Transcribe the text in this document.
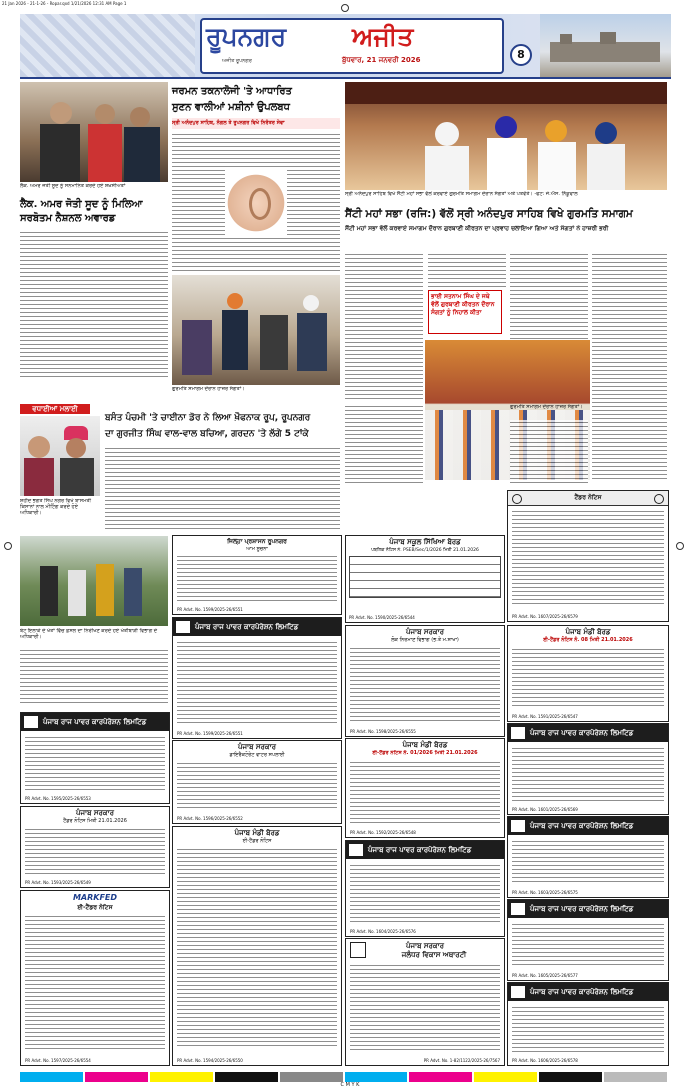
21 Jan 2026 - 21-1-26 - Ropar.qxd 1/21/2026 12:31 AM Page 1
ਰੂਪਨਗਰ	ਅਜੀਤ
ਅਜੀਤ ਰੂਪਨਗਰ	ਬੁੱਧਵਾਰ, 21 ਜਨਵਰੀ 2026	8
ਲੈਕ. ਅਮਰ ਜੋਤੀ ਸੂਦ ਨੂੰ ਸਨਮਾਨਿਤ ਕਰਦੇ ਹੋਏ ਸ਼ਖ਼ਸੀਅਤਾਂ
ਲੈਕ. ਅਮਰ ਜੋਤੀ ਸੂਦ ਨੂੰ ਮਿਲਿਆ
ਸਰਬੋਤਮ ਨੈਸ਼ਨਲ ਅਵਾਰਡ
ਜਰਮਨ ਤਕਨਾਲੋਜੀ 'ਤੇ ਆਧਾਰਿਤ
ਸੁਣਨ ਵਾਲੀਆਂ ਮਸ਼ੀਨਾਂ ਉਪਲਬਧ
ਸ੍ਰੀ ਅਨੰਦਪੁਰ ਸਾਹਿਬ, ਨੰਗਲ ਤੇ ਰੂਪਨਗਰ ਵਿਖੇ ਨਿਰੰਤਰ ਸੇਵਾ
ਗੁਰਮਤਿ ਸਮਾਗਮ ਦੌਰਾਨ ਹਾਜ਼ਰ ਸੰਗਤਾਂ।
ਸ੍ਰੀ ਅਨੰਦਪੁਰ ਸਾਹਿਬ ਵਿਖੇ ਸੈਂਟੀ ਮਹਾਂ ਸਭਾ ਵੱਲੋਂ ਕਰਵਾਏ ਗੁਰਮਤਿ ਸਮਾਗਮ ਦੌਰਾਨ ਸੰਗਤਾਂ ਅਤੇ ਪਤਵੰਤੇ। -ਫੋਟੋ: ਜੇ.ਐਸ. ਨਿੱਕੂਵਾਲ
ਸੈਂਟੀ ਮਹਾਂ ਸਭਾ (ਰਜਿ:) ਵੱਲੋਂ ਸ੍ਰੀ ਅਨੰਦਪੁਰ ਸਾਹਿਬ ਵਿਖੇ ਗੁਰਮਤਿ ਸਮਾਗਮ
ਸੈਂਟੀ ਮਹਾਂ ਸਭਾ ਵੱਲੋਂ ਕਰਵਾਏ ਸਮਾਗਮ ਦੌਰਾਨ ਗੁਰਬਾਣੀ ਕੀਰਤਨ ਦਾ ਪ੍ਰਵਾਹ ਚਲਾਇਆ ਗਿਆ ਅਤੇ ਸੰਗਤਾਂ ਨੇ ਹਾਜ਼ਰੀ ਭਰੀ
ਭਾਈ ਸਤਨਾਮ ਸਿੰਘ ਦੇ ਜਥੇ ਵੱਲੋਂ ਗੁਰਬਾਣੀ ਕੀਰਤਨ ਦੌਰਾਨ ਸੰਗਤਾਂ ਨੂੰ ਨਿਹਾਲ ਕੀਤਾ
ਗੁਰਮਤਿ ਸਮਾਗਮ ਦੌਰਾਨ ਹਾਜ਼ਰ ਸੰਗਤਾਂ।
ਵਧਾਈਆਂ ਮਲਾਈ
ਬਸੰਤ ਪੰਚਮੀ 'ਤੇ ਚਾਈਨਾ ਡੋਰ ਨੇ ਲਿਆ ਖ਼ੌਫਨਾਕ ਰੂਪ, ਰੂਪਨਗਰ
ਦਾ ਗੁਰਜੀਤ ਸਿੰਘ ਵਾਲ-ਵਾਲ ਬਚਿਆ, ਗਰਦਨ 'ਤੇ ਲੱਗੇ 5 ਟਾਂਕੇ
ਸ਼ਹੀਦ ਭਗਤ ਸਿੰਘ ਨਗਰ ਵਿਖੇ ਬਾਸਮਤੀ ਕਿਸਾਨਾਂ ਨਾਲ ਮੀਟਿੰਗ ਕਰਦੇ ਹੋਏ ਅਧਿਕਾਰੀ।
ਬੇਟ ਇਲਾਕੇ ਦੇ ਖੇਤਾਂ ਵਿੱਚ ਫ਼ਸਲ ਦਾ ਨਿਰੀਖਣ ਕਰਦੇ ਹੋਏ ਖੇਤੀਬਾੜੀ ਵਿਭਾਗ ਦੇ ਅਧਿਕਾਰੀ।
ਜਿਲ੍ਹਾ ਪ੍ਰਸ਼ਾਸਨ ਰੂਪਨਗਰ
ਆਮ ਸੂਚਨਾ
PR Advt. No. 1599/2025-26/6551
ਪੰਜਾਬ ਸਕੂਲ ਸਿੱਖਿਆ ਬੋਰਡ
ਪਬਲਿਕ ਨੋਟਿਸ ਨੰ. PSEB/Sec/1/2026 ਮਿਤੀ 21.01.2026
PR Advt. No. 1590/2025-26/6544
ਟੈਂਡਰ ਨੋਟਿਸ
PR Advt. No. 1607/2025-26/6579
ਪੰਜਾਬ ਰਾਜ ਪਾਵਰ ਕਾਰਪੋਰੇਸ਼ਨ ਲਿਮਟਿਡ
PR Advt. No. 1595/2025-26/6553
ਪੰਜਾਬ ਰਾਜ ਪਾਵਰ ਕਾਰਪੋਰੇਸ਼ਨ ਲਿਮਟਿਡ
PR Advt. No. 1599/2025-26/6551
ਪੰਜਾਬ ਸਰਕਾਰ
ਲੋਕ ਨਿਰਮਾਣ ਵਿਭਾਗ (ਭ.ਤੇ ਮ.ਸ਼ਾਖਾ)
PR Advt. No. 1598/2025-26/6555
ਪੰਜਾਬ ਮੰਡੀ ਬੋਰਡ
ਈ-ਟੈਂਡਰ ਨੋਟਿਸ ਨੰ. 08 ਮਿਤੀ 21.01.2026
PR Advt. No. 1591/2025-26/6547
ਪੰਜਾਬ ਰਾਜ ਪਾਵਰ ਕਾਰਪੋਰੇਸ਼ਨ ਲਿਮਟਿਡ
PR Advt. No. 1601/2025-26/6569
ਪੰਜਾਬ ਸਰਕਾਰ
ਡਾਇਰੈਕਟੋਰੇਟ ਵਾਟਰ ਸਪਲਾਈ
PR Advt. No. 1596/2025-26/6552
ਪੰਜਾਬ ਮੰਡੀ ਬੋਰਡ
ਈ-ਟੈਂਡਰ ਨੋਟਿਸ ਨੰ. 01/2026 ਮਿਤੀ 21.01.2026
PR Advt. No. 1592/2025-26/6548
ਪੰਜਾਬ ਸਰਕਾਰ
ਟੈਂਡਰ ਨੋਟਿਸ ਮਿਤੀ 21.01.2026
PR Advt. No. 1593/2025-26/6549
ਪੰਜਾਬ ਮੰਡੀ ਬੋਰਡ
ਈ-ਟੈਂਡਰ ਨੋਟਿਸ
PR Advt. No. 1594/2025-26/6550
ਪੰਜਾਬ ਰਾਜ ਪਾਵਰ ਕਾਰਪੋਰੇਸ਼ਨ ਲਿਮਟਿਡ
PR Advt. No. 1603/2025-26/6575
ਪੰਜਾਬ ਰਾਜ ਪਾਵਰ ਕਾਰਪੋਰੇਸ਼ਨ ਲਿਮਟਿਡ
PR Advt. No. 1604/2025-26/6576
MARKFED
ਈ-ਟੈਂਡਰ ਨੋਟਿਸ
PR Advt. No. 1597/2025-26/6554
ਪੰਜਾਬ ਰਾਜ ਪਾਵਰ ਕਾਰਪੋਰੇਸ਼ਨ ਲਿਮਟਿਡ
PR Advt. No. 1605/2025-26/6577
ਪੰਜਾਬ ਸਰਕਾਰ
ਜਲੰਧਰ ਵਿਕਾਸ ਅਥਾਰਟੀ
PR Advt. No. 1-82/1122/2025-26/7567
ਪੰਜਾਬ ਰਾਜ ਪਾਵਰ ਕਾਰਪੋਰੇਸ਼ਨ ਲਿਮਟਿਡ
PR Advt. No. 1606/2025-26/6578
C M Y K
